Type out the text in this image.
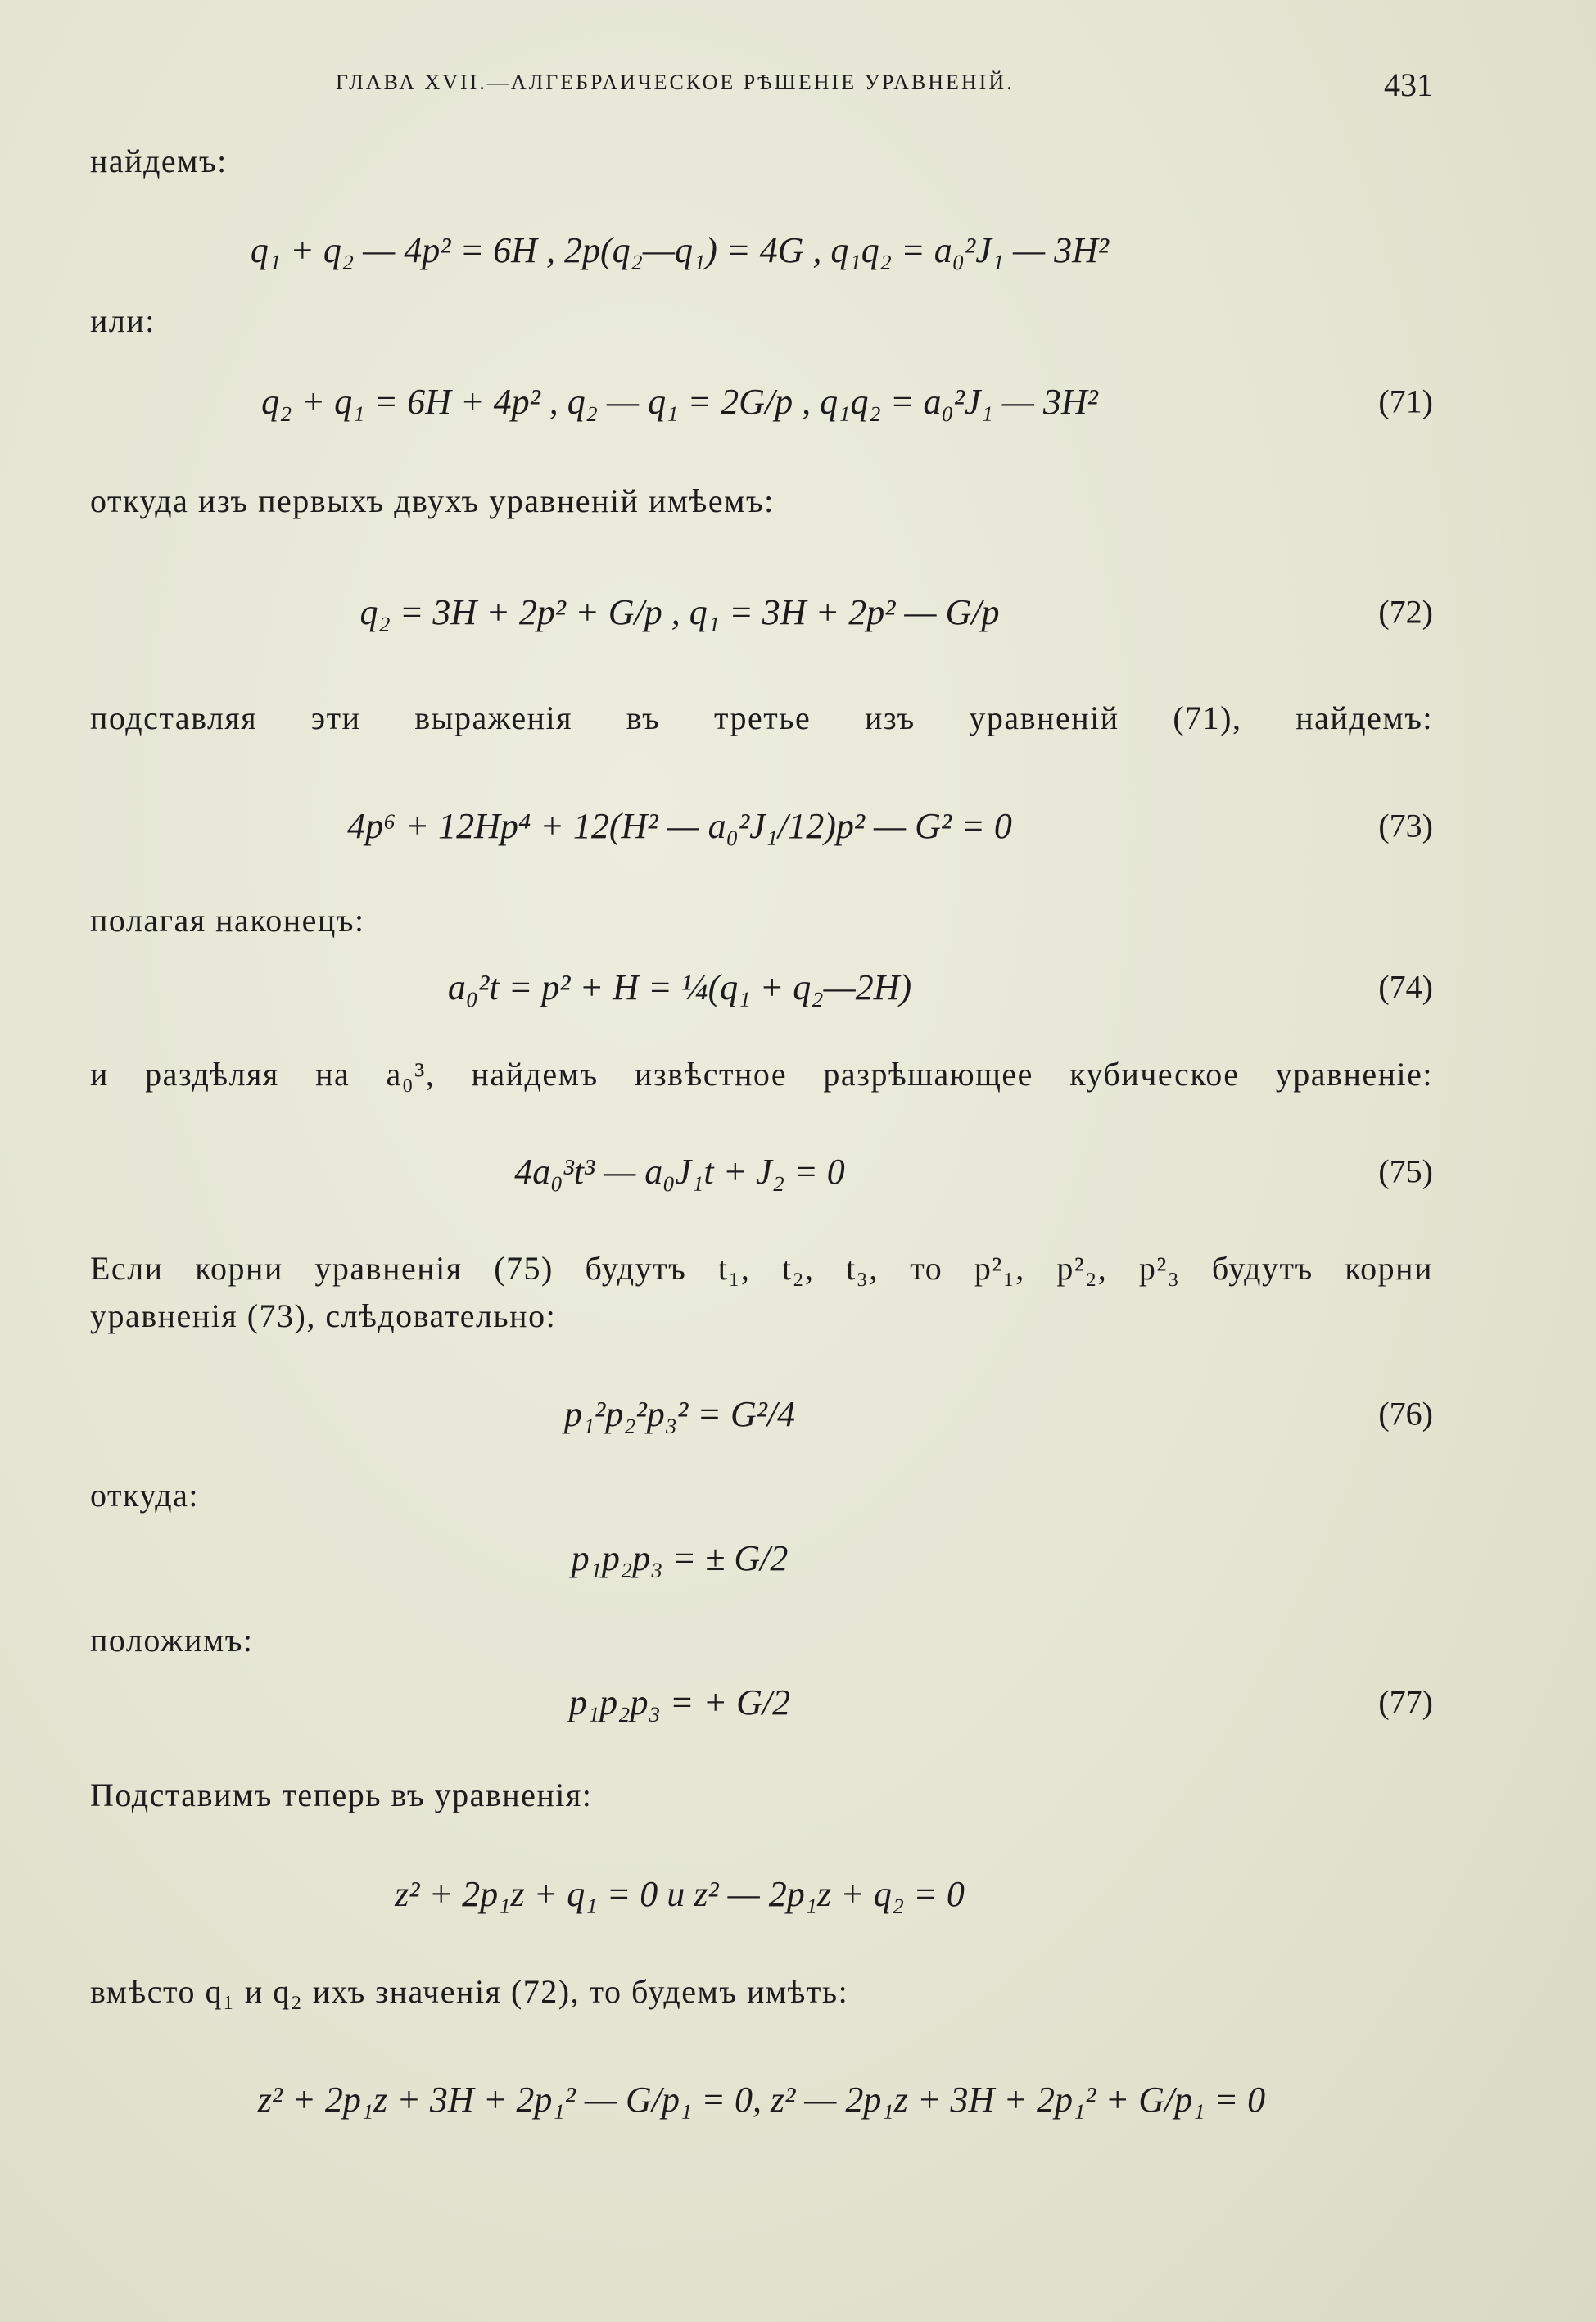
ГЛАВА XVII.—АЛГЕБРАИЧЕСКОЕ РѢШЕНІЕ УРАВНЕНІЙ.	431
найдемъ:
q₁ + q₂ — 4p² = 6H , 2p(q₂—q₁) = 4G , q₁q₂ = a₀²J₁ — 3H²
или:
q₂ + q₁ = 6H + 4p² , q₂ — q₁ = 2G/p , q₁q₂ = a₀²J₁ — 3H²	(71)
откуда изъ первыхъ двухъ уравненій имѣемъ:
q₂ = 3H + 2p² + G/p , q₁ = 3H + 2p² — G/p	(72)
подставляя эти выраженія въ третье изъ уравненій (71), найдемъ:
4p⁶ + 12Hp⁴ + 12(H² — a₀²J₁/12)p² — G² = 0	(73)
полагая наконецъ:
a₀²t = p² + H = ¼(q₁ + q₂—2H)	(74)
и раздѣляя на a₀³, найдемъ извѣстное разрѣшающее кубическое уравненіе:
4a₀³t³ — a₀J₁t + J₂ = 0	(75)
Если корни уравненія (75) будутъ t₁, t₂, t₃, то p²₁, p²₂, p²₃ будутъ корни
уравненія (73), слѣдовательно:
p₁²p₂²p₃² = G²/4	(76)
откуда:
p₁p₂p₃ = ± G/2
положимъ:
p₁p₂p₃ = + G/2	(77)
Подставимъ теперь въ уравненія:
z² + 2p₁z + q₁ = 0 и z² — 2p₁z + q₂ = 0
вмѣсто q₁ и q₂ ихъ значенія (72), то будемъ имѣть:
z² + 2p₁z + 3H + 2p₁² — G/p₁ = 0, z² — 2p₁z + 3H + 2p₁² + G/p₁ = 0
